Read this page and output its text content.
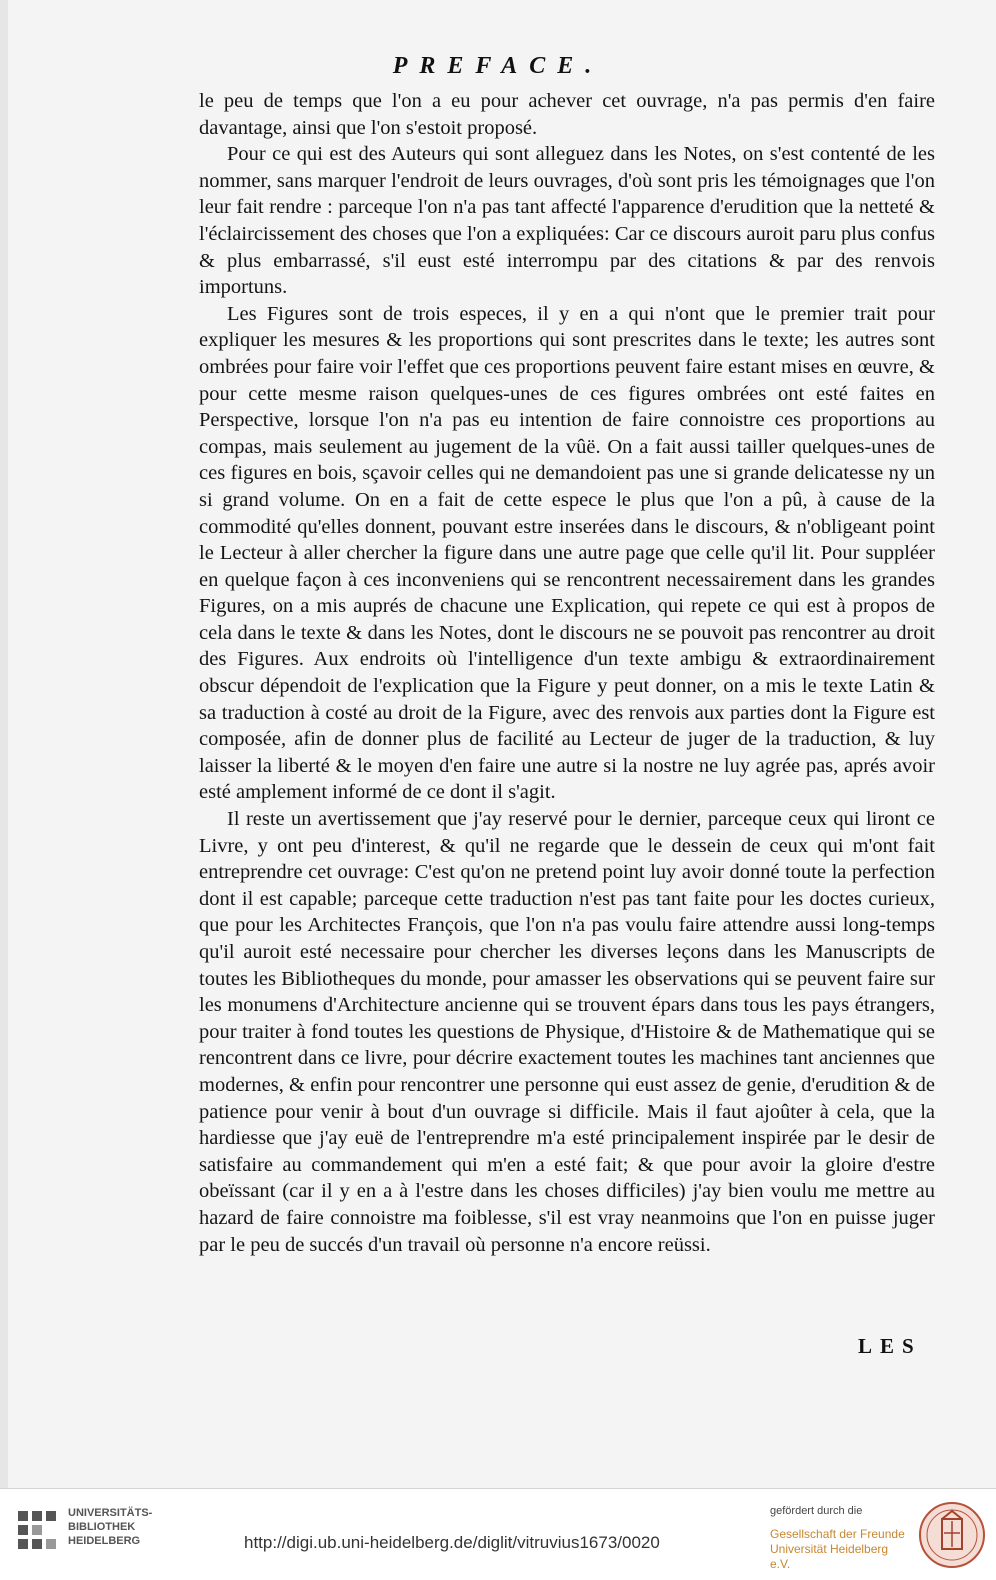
PREFACE.

le peu de temps que l'on a eu pour achever cet ouvrage, n'a pas permis d'en faire davantage, ainsi que l'on s'estoit proposé.

Pour ce qui est des Auteurs qui sont alleguez dans les Notes, on s'est contenté de les nommer, sans marquer l'endroit de leurs ouvrages, d'où sont pris les témoignages que l'on leur fait rendre : parceque l'on n'a pas tant affecté l'apparence d'erudition que la netteté & l'éclaircissement des choses que l'on a expliquées: Car ce discours auroit paru plus confus & plus embarrassé, s'il eust esté interrompu par des citations & par des renvois importuns.

Les Figures sont de trois especes, il y en a qui n'ont que le premier trait pour expliquer les mesures & les proportions qui sont prescrites dans le texte; les autres sont ombrées pour faire voir l'effet que ces proportions peuvent faire estant mises en œuvre, & pour cette mesme raison quelques-unes de ces figures ombrées ont esté faites en Perspective, lorsque l'on n'a pas eu intention de faire connoistre ces proportions au compas, mais seulement au jugement de la vûë. On a fait aussi tailler quelques-unes de ces figures en bois, sçavoir celles qui ne demandoient pas une si grande delicatesse ny un si grand volume. On en a fait de cette espece le plus que l'on a pû, à cause de la commodité qu'elles donnent, pouvant estre inserées dans le discours, & n'obligeant point le Lecteur à aller chercher la figure dans une autre page que celle qu'il lit. Pour suppléer en quelque façon à ces inconveniens qui se rencontrent necessairement dans les grandes Figures, on a mis auprés de chacune une Explication, qui repete ce qui est à propos de cela dans le texte & dans les Notes, dont le discours ne se pouvoit pas rencontrer au droit des Figures. Aux endroits où l'intelligence d'un texte ambigu & extraordinairement obscur dépendoit de l'explication que la Figure y peut donner, on a mis le texte Latin & sa traduction à costé au droit de la Figure, avec des renvois aux parties dont la Figure est composée, afin de donner plus de facilité au Lecteur de juger de la traduction, & luy laisser la liberté & le moyen d'en faire une autre si la nostre ne luy agrée pas, aprés avoir esté amplement informé de ce dont il s'agit.

Il reste un avertissement que j'ay reservé pour le dernier, parceque ceux qui liront ce Livre, y ont peu d'interest, & qu'il ne regarde que le dessein de ceux qui m'ont fait entreprendre cet ouvrage: C'est qu'on ne pretend point luy avoir donné toute la perfection dont il est capable; parceque cette traduction n'est pas tant faite pour les doctes curieux, que pour les Architectes François, que l'on n'a pas voulu faire attendre aussi long-temps qu'il auroit esté necessaire pour chercher les diverses leçons dans les Manuscripts de toutes les Bibliotheques du monde, pour amasser les observations qui se peuvent faire sur les monumens d'Architecture ancienne qui se trouvent épars dans tous les pays étrangers, pour traiter à fond toutes les questions de Physique, d'Histoire & de Mathematique qui se rencontrent dans ce livre, pour décrire exactement toutes les machines tant anciennes que modernes, & enfin pour rencontrer une personne qui eust assez de genie, d'erudition & de patience pour venir à bout d'un ouvrage si difficile. Mais il faut ajoûter à cela, que la hardiesse que j'ay euë de l'entreprendre m'a esté principalement inspirée par le desir de satisfaire au commandement qui m'en a esté fait; & que pour avoir la gloire d'estre obeïssant (car il y en a à l'estre dans les choses difficiles) j'ay bien voulu me mettre au hazard de faire connoistre ma foiblesse, s'il est vray neanmoins que l'on en puisse juger par le peu de succés d'un travail où personne n'a encore reüssi.

LES
UNIVERSITÄTS-
BIBLIOTHEK
HEIDELBERG	http://digi.ub.uni-heidelberg.de/diglit/vitruvius1673/0020
gefördert durch die
Gesellschaft der Freunde
Universität Heidelberg e.V.
